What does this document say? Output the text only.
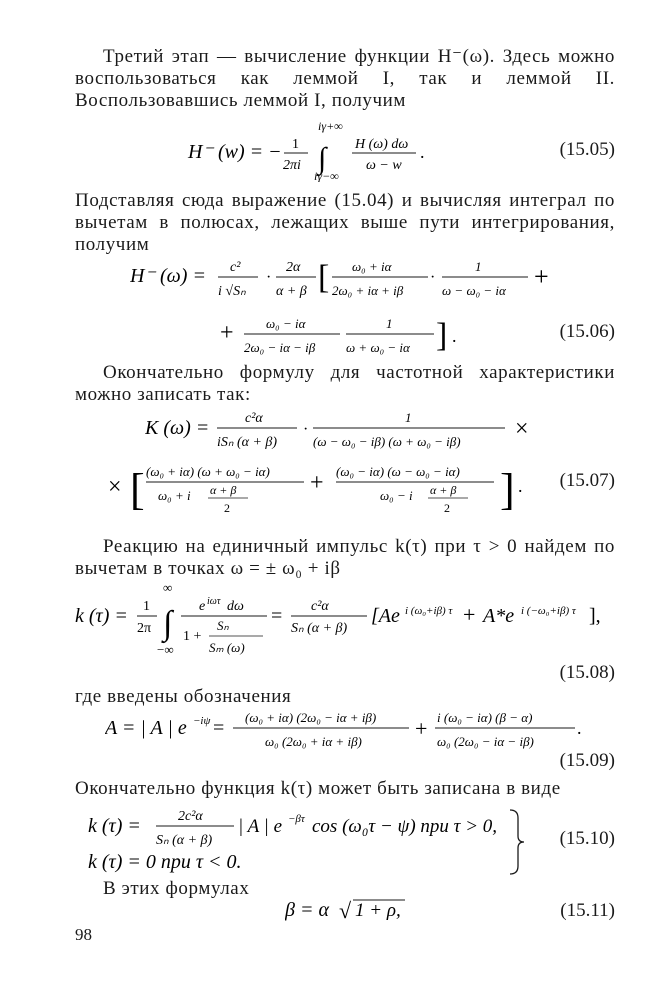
Третий этап — вычисление функции H⁻(ω). Здесь можно воспользоваться как леммой I, так и леммой II. Воспользовавшись леммой I, получим
H⁻ (w) = − 1
2πi
iγ+∞
∫
iγ−∞
H (ω) dω
ω − w
.	(15.05)
Подставляя сюда выражение (15.04) и вычисляя интеграл по вычетам в полюсах, лежащих выше пути интегрирования, получим
H⁻ (ω) = c²
i √Sₙ
·
2α
α + β [ ω₀ + iα
2ω₀ + iα + iβ
·
1
ω − ω₀ − iα +
+ ω₀ − iα
2ω₀ − iα − iβ
1
ω + ω₀ − iα ] .	(15.06)
Окончательно формулу для частотной характеристики можно записать так:
K (ω) =	c²α
iSₙ (α + β)
·
1
(ω − ω₀ − iβ) (ω + ω₀ − iβ) ×
× [ (ω₀ + iα) (ω + ω₀ − iα)
ω₀ + i α + β
2
+ (ω₀ − iα) (ω − ω₀ − iα)
ω₀ − i α + β
2 ] . (15.07)
Реакцию на единичный импульс k(τ) при τ > 0 найдем по вычетам в точках ω = ± ω₀ + iβ
k (τ) = 1
2π
∞
∫
−∞
e iωτ dω
1 +
Sₙ
Sₘ (ω)
= c²α
Sₙ (α + β)
[Ae i (ω₀+iβ) τ + A*e i (−ω₀+iβ) τ ],
(15.08)
где введены обозначения
A = | A | e −iψ = (ω₀ + iα) (2ω₀ − iα + iβ)
ω₀ (2ω₀ + iα + iβ)
+ i (ω₀ − iα) (β − α)
ω₀ (2ω₀ − iα − iβ)
.
(15.09)
Окончательно функция k(τ) может быть записана в виде
k (τ) =	2c²α
Sₙ (α + β)
| A | e −βτ cos (ω₀τ − ψ) при τ > 0,
k (τ) = 0 при τ < 0.
(15.10)
В этих формулах
β = α √ 1 + ρ,	(15.11)
98
